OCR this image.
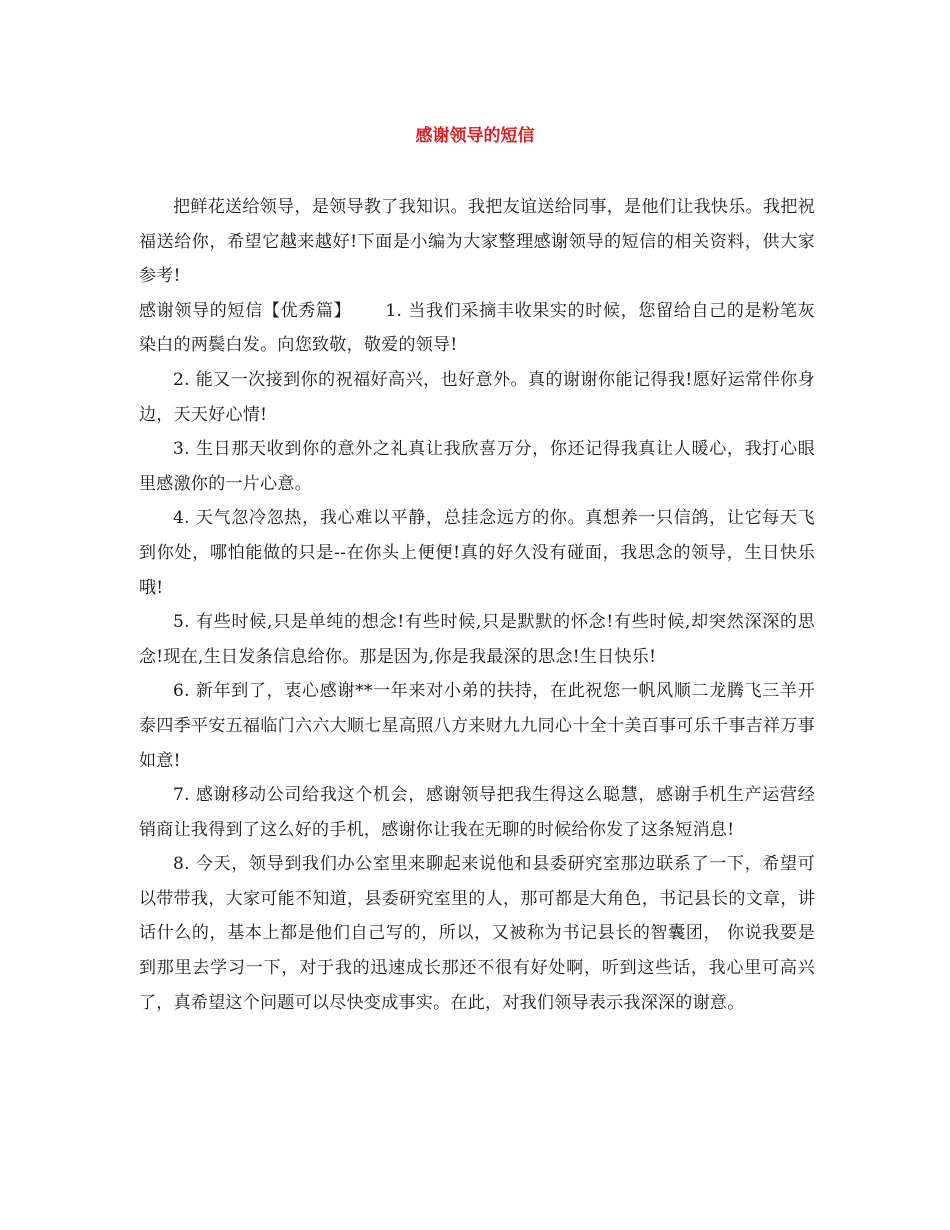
感谢领导的短信

把鲜花送给领导，是领导教了我知识。我把友谊送给同事，是他们让我快乐。我把祝福送给你，希望它越来越好!下面是小编为大家整理感谢领导的短信的相关资料，供大家参考!

感谢领导的短信【优秀篇】 1. 当我们采摘丰收果实的时候，您留给自己的是粉笔灰染白的两鬓白发。向您致敬，敬爱的领导!

2. 能又一次接到你的祝福好高兴，也好意外。真的谢谢你能记得我!愿好运常伴你身边，天天好心情!

3. 生日那天收到你的意外之礼真让我欣喜万分，你还记得我真让人暖心，我打心眼里感激你的一片心意。

4. 天气忽冷忽热，我心难以平静，总挂念远方的你。真想养一只信鸽，让它每天飞到你处，哪怕能做的只是--在你头上便便!真的好久没有碰面，我思念的领导，生日快乐哦!

5. 有些时候,只是单纯的想念!有些时候,只是默默的怀念!有些时候,却突然深深的思念!现在,生日发条信息给你。那是因为,你是我最深的思念!生日快乐!

6. 新年到了，衷心感谢**一年来对小弟的扶持，在此祝您一帆风顺二龙腾飞三羊开泰四季平安五福临门六六大顺七星高照八方来财九九同心十全十美百事可乐千事吉祥万事如意!

7. 感谢移动公司给我这个机会，感谢领导把我生得这么聪慧，感谢手机生产运营经销商让我得到了这么好的手机，感谢你让我在无聊的时候给你发了这条短消息!

8. 今天，领导到我们办公室里来聊起来说他和县委研究室那边联系了一下，希望可以带带我，大家可能不知道，县委研究室里的人，那可都是大角色，书记县长的文章，讲话什么的，基本上都是他们自己写的，所以，又被称为书记县长的智囊团， 你说我要是到那里去学习一下，对于我的迅速成长那还不很有好处啊，听到这些话，我心里可高兴了，真希望这个问题可以尽快变成事实。在此，对我们领导表示我深深的谢意。
